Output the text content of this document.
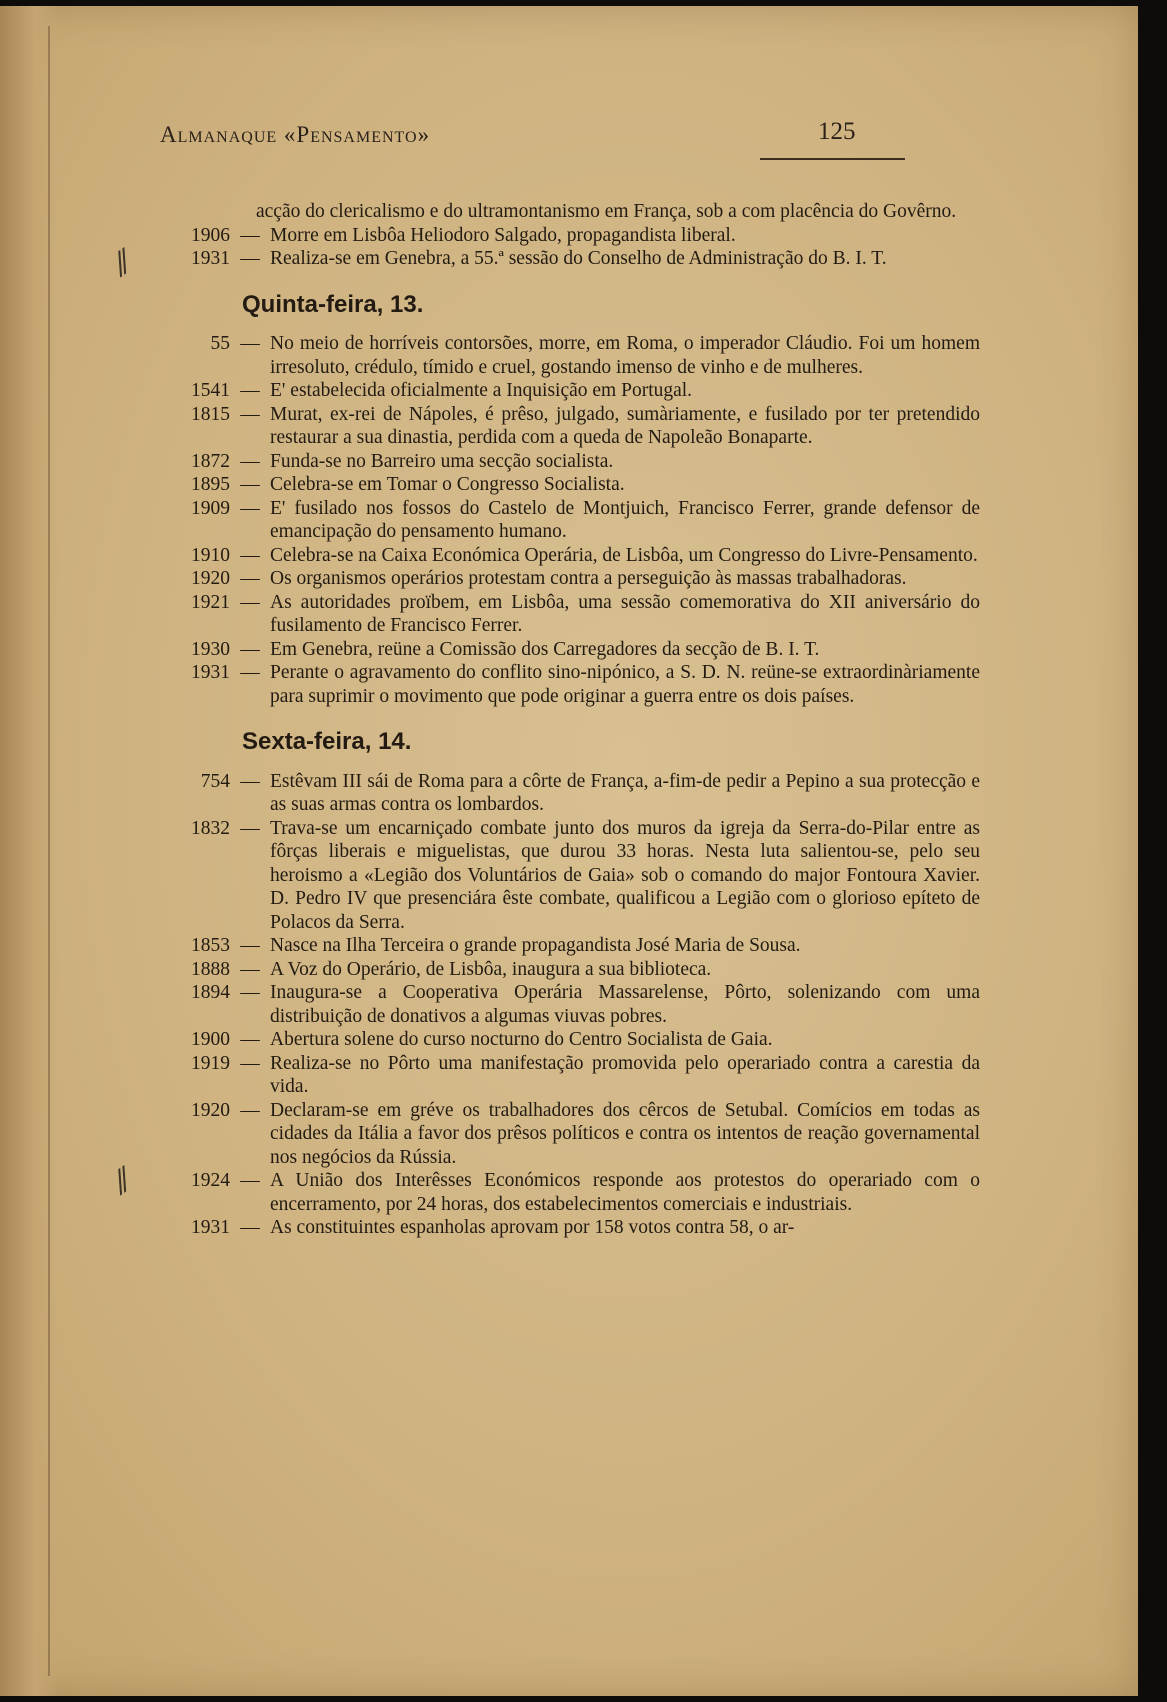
Almanaque «Pensamento»	125
⁄⁄
⁄⁄
acção do clericalismo e do ultramontanismo em França, sob a com placência do Govêrno.
1906 — Morre em Lisbôa Heliodoro Salgado, propagandista liberal.
1931 — Realiza-se em Genebra, a 55.ª sessão do Conselho de Administração do B. I. T.
Quinta-feira, 13.
55 — No meio de horríveis contorsões, morre, em Roma, o imperador Cláudio. Foi um homem irresoluto, crédulo, tímido e cruel, gostando imenso de vinho e de mulheres.
1541 — E' estabelecida oficialmente a Inquisição em Portugal.
1815 — Murat, ex-rei de Nápoles, é prêso, julgado, sumàriamente, e fusilado por ter pretendido restaurar a sua dinastia, perdida com a queda de Napoleão Bonaparte.
1872 — Funda-se no Barreiro uma secção socialista.
1895 — Celebra-se em Tomar o Congresso Socialista.
1909 — E' fusilado nos fossos do Castelo de Montjuich, Francisco Ferrer, grande defensor de emancipação do pensamento humano.
1910 — Celebra-se na Caixa Económica Operária, de Lisbôa, um Congresso do Livre-Pensamento.
1920 — Os organismos operários protestam contra a perseguição às massas trabalhadoras.
1921 — As autoridades proïbem, em Lisbôa, uma sessão comemorativa do XII aniversário do fusilamento de Francisco Ferrer.
1930 — Em Genebra, reüne a Comissão dos Carregadores da secção de B. I. T.
1931 — Perante o agravamento do conflito sino-nipónico, a S. D. N. reüne-se extraordinàriamente para suprimir o movimento que pode originar a guerra entre os dois países.
Sexta-feira, 14.
754 — Estêvam III sái de Roma para a côrte de França, a-fim-de pedir a Pepino a sua protecção e as suas armas contra os lombardos.
1832 — Trava-se um encarniçado combate junto dos muros da igreja da Serra-do-Pilar entre as fôrças liberais e miguelistas, que durou 33 horas. Nesta luta salientou-se, pelo seu heroismo a «Legião dos Voluntários de Gaia» sob o comando do major Fontoura Xavier. D. Pedro IV que presenciára êste combate, qualificou a Legião com o glorioso epíteto de Polacos da Serra.
1853 — Nasce na Ilha Terceira o grande propagandista José Maria de Sousa.
1888 — A Voz do Operário, de Lisbôa, inaugura a sua biblioteca.
1894 — Inaugura-se a Cooperativa Operária Massarelense, Pôrto, solenizando com uma distribuição de donativos a algumas viuvas pobres.
1900 — Abertura solene do curso nocturno do Centro Socialista de Gaia.
1919 — Realiza-se no Pôrto uma manifestação promovida pelo operariado contra a carestia da vida.
1920 — Declaram-se em gréve os trabalhadores dos cêrcos de Setubal. Comícios em todas as cidades da Itália a favor dos prêsos políticos e contra os intentos de reação governamental nos negócios da Rússia.
1924 — A União dos Interêsses Económicos responde aos protestos do operariado com o encerramento, por 24 horas, dos estabelecimentos comerciais e industriais.
1931 — As constituintes espanholas aprovam por 158 votos contra 58, o ar-
